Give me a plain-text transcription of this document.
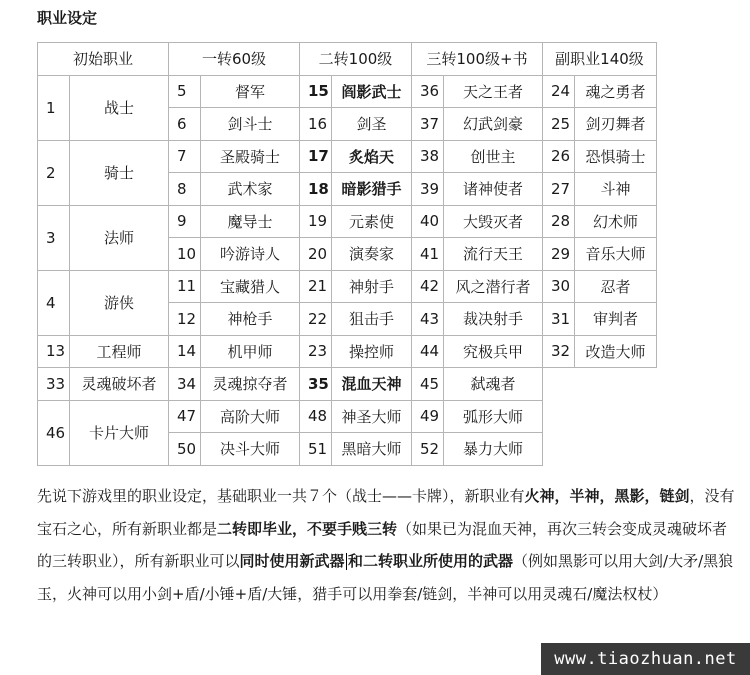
职业设定
初始职业		一转60级		二转100级		三转100级+书		副职业140级	
1	战士	5	督军	15	阎影武士	36	天之王者	24	魂之勇者
		6	剑斗士	16	剑圣	37	幻武剑豪	25	剑刃舞者
2	骑士	7	圣殿骑士	17	炙焰天	38	创世主	26	恐惧骑士
		8	武术家	18	暗影猎手	39	诸神使者	27	斗神
3	法师	9	魔导士	19	元素使	40	大毁灭者	28	幻术师
		10	吟游诗人	20	演奏家	41	流行天王	29	音乐大师
4	游侠	11	宝藏猎人	21	神射手	42	风之潜行者	30	忍者
		12	神枪手	22	狙击手	43	裁决射手	31	审判者
13	工程师	14	机甲师	23	操控师	44	究极兵甲	32	改造大师
33	灵魂破坏者	34	灵魂掠夺者	35	混血天神	45	弑魂者		
46	卡片大师	47	高阶大师	48	神圣大师	49	弧形大师		
		50	决斗大师	51	黑暗大师	52	暴力大师		
先说下游戏里的职业设定，基础职业一共７个（战士——卡牌），新职业有火神，半神，黑影，链剑，没有宝石之心，所有新职业都是二转即毕业，不要手贱三转（如果已为混血天神，再次三转会变成灵魂破坏者的三转职业），所有新职业可以同时使用新武器 和二转职业所使用的武器（例如黑影可以用大剑/大矛/黑狼玉，火神可以用小剑+盾/小锤+盾/大锤，猎手可以用拳套/链剑，半神可以用灵魂石/魔法权杖）
www.tiaozhuan.net
